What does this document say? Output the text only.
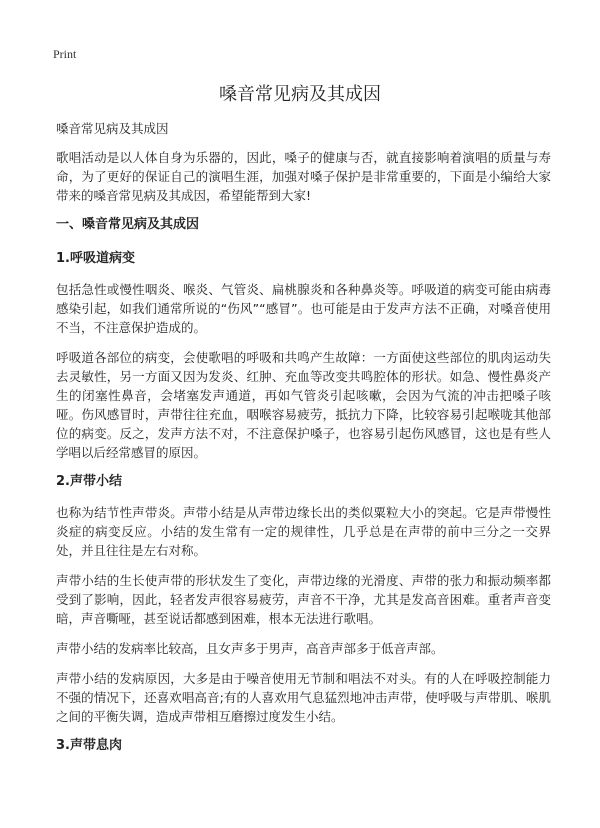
Print
嗓音常见病及其成因

嗓音常见病及其成因

歌唱活动是以人体自身为乐器的，因此，嗓子的健康与否，就直接影响着演唱的质量与寿命，为了更好的保证自己的演唱生涯，加强对嗓子保护是非常重要的，下面是小编给大家带来的嗓音常见病及其成因，希望能帮到大家!

一、嗓音常见病及其成因
1.呼吸道病变

包括急性或慢性咽炎、喉炎、气管炎、扁桃腺炎和各种鼻炎等。呼吸道的病变可能由病毒感染引起，如我们通常所说的“伤风”“感冒”。也可能是由于发声方法不正确，对嗓音使用不当，不注意保护造成的。

呼吸道各部位的病变，会使歌唱的呼吸和共鸣产生故障：一方面使这些部位的肌肉运动失去灵敏性，另一方面又因为发炎、红肿、充血等改变共鸣腔体的形状。如急、慢性鼻炎产生的闭塞性鼻音，会堵塞发声通道，再如气管炎引起咳嗽，会因为气流的冲击把嗓子咳哑。伤风感冒时，声带往往充血，咽喉容易疲劳，抵抗力下降，比较容易引起喉咙其他部位的病变。反之，发声方法不对，不注意保护嗓子，也容易引起伤风感冒，这也是有些人学唱以后经常感冒的原因。

2.声带小结

也称为结节性声带炎。声带小结是从声带边缘长出的类似粟粒大小的突起。它是声带慢性炎症的病变反应。小结的发生常有一定的规律性，几乎总是在声带的前中三分之一交界处，并且往往是左右对称。

声带小结的生长使声带的形状发生了变化，声带边缘的光滑度、声带的张力和振动频率都受到了影响，因此，轻者发声很容易疲劳，声音不干净，尤其是发高音困难。重者声音变暗，声音嘶哑，甚至说话都感到困难，根本无法进行歌唱。

声带小结的发病率比较高，且女声多于男声，高音声部多于低音声部。

声带小结的发病原因，大多是由于噪音使用无节制和唱法不对头。有的人在呼吸控制能力不强的情况下，还喜欢唱高音;有的人喜欢用气息猛烈地冲击声带，使呼吸与声带肌、喉肌之间的平衡失调，造成声带相互磨擦过度发生小结。

3.声带息肉
